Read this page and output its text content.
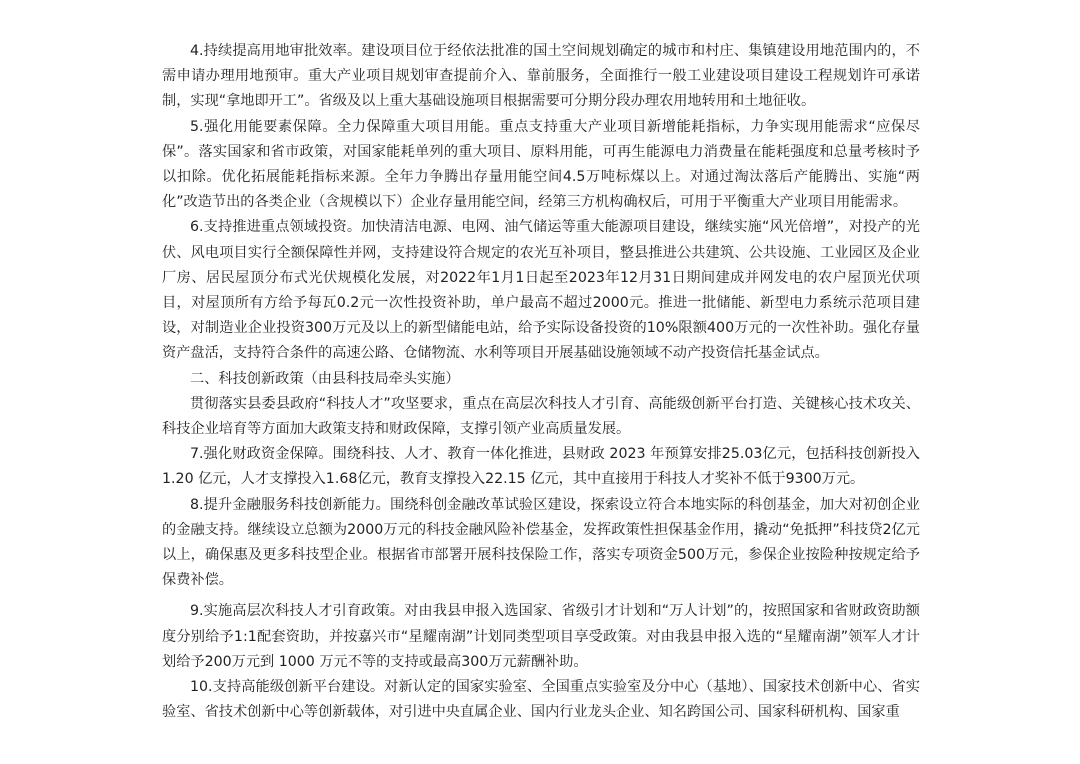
4.持续提高用地审批效率。建设项目位于经依法批准的国土空间规划确定的城市和村庄、集镇建设用地范围内的，不需申请办理用地预审。重大产业项目规划审查提前介入、靠前服务，全面推行一般工业建设项目建设工程规划许可承诺制，实现“拿地即开工”。省级及以上重大基础设施项目根据需要可分期分段办理农用地转用和土地征收。

5.强化用能要素保障。全力保障重大项目用能。重点支持重大产业项目新增能耗指标，力争实现用能需求“应保尽保”。落实国家和省市政策，对国家能耗单列的重大项目、原料用能，可再生能源电力消费量在能耗强度和总量考核时予以扣除。优化拓展能耗指标来源。全年力争腾出存量用能空间4.5万吨标煤以上。对通过淘汰落后产能腾出、实施“两化”改造节出的各类企业（含规模以下）企业存量用能空间，经第三方机构确权后，可用于平衡重大产业项目用能需求。

6.支持推进重点领域投资。加快清洁电源、电网、油气储运等重大能源项目建设，继续实施“风光倍增”，对投产的光伏、风电项目实行全额保障性并网，支持建设符合规定的农光互补项目，整县推进公共建筑、公共设施、工业园区及企业厂房、居民屋顶分布式光伏规模化发展，对2022年1月1日起至2023年12月31日期间建成并网发电的农户屋顶光伏项目，对屋顶所有方给予每瓦0.2元一次性投资补助，单户最高不超过2000元。推进一批储能、新型电力系统示范项目建设，对制造业企业投资300万元及以上的新型储能电站，给予实际设备投资的10%限额400万元的一次性补助。强化存量资产盘活，支持符合条件的高速公路、仓储物流、水利等项目开展基础设施领域不动产投资信托基金试点。

二、科技创新政策（由县科技局牵头实施）

贯彻落实县委县政府“科技人才”攻坚要求，重点在高层次科技人才引育、高能级创新平台打造、关键核心技术攻关、科技企业培育等方面加大政策支持和财政保障，支撑引领产业高质量发展。

7.强化财政资金保障。围绕科技、人才、教育一体化推进，县财政 2023 年预算安排25.03亿元，包括科技创新投入1.20 亿元，人才支撑投入1.68亿元，教育支撑投入22.15 亿元，其中直接用于科技人才奖补不低于9300万元。

8.提升金融服务科技创新能力。围绕科创金融改革试验区建设，探索设立符合本地实际的科创基金，加大对初创企业的金融支持。继续设立总额为2000万元的科技金融风险补偿基金，发挥政策性担保基金作用，撬动“免抵押”科技贷2亿元以上，确保惠及更多科技型企业。根据省市部署开展科技保险工作，落实专项资金500万元，参保企业按险种按规定给予保费补偿。

9.实施高层次科技人才引育政策。对由我县申报入选国家、省级引才计划和“万人计划”的，按照国家和省财政资助额度分别给予1:1配套资助，并按嘉兴市“星耀南湖”计划同类型项目享受政策。对由我县申报入选的“星耀南湖”领军人才计划给予200万元到 1000 万元不等的支持或最高300万元薪酬补助。

10.支持高能级创新平台建设。对新认定的国家实验室、全国重点实验室及分中心（基地）、国家技术创新中心、省实验室、省技术创新中心等创新载体，对引进中央直属企业、国内行业龙头企业、知名跨国公司、国家科研机构、国家重
